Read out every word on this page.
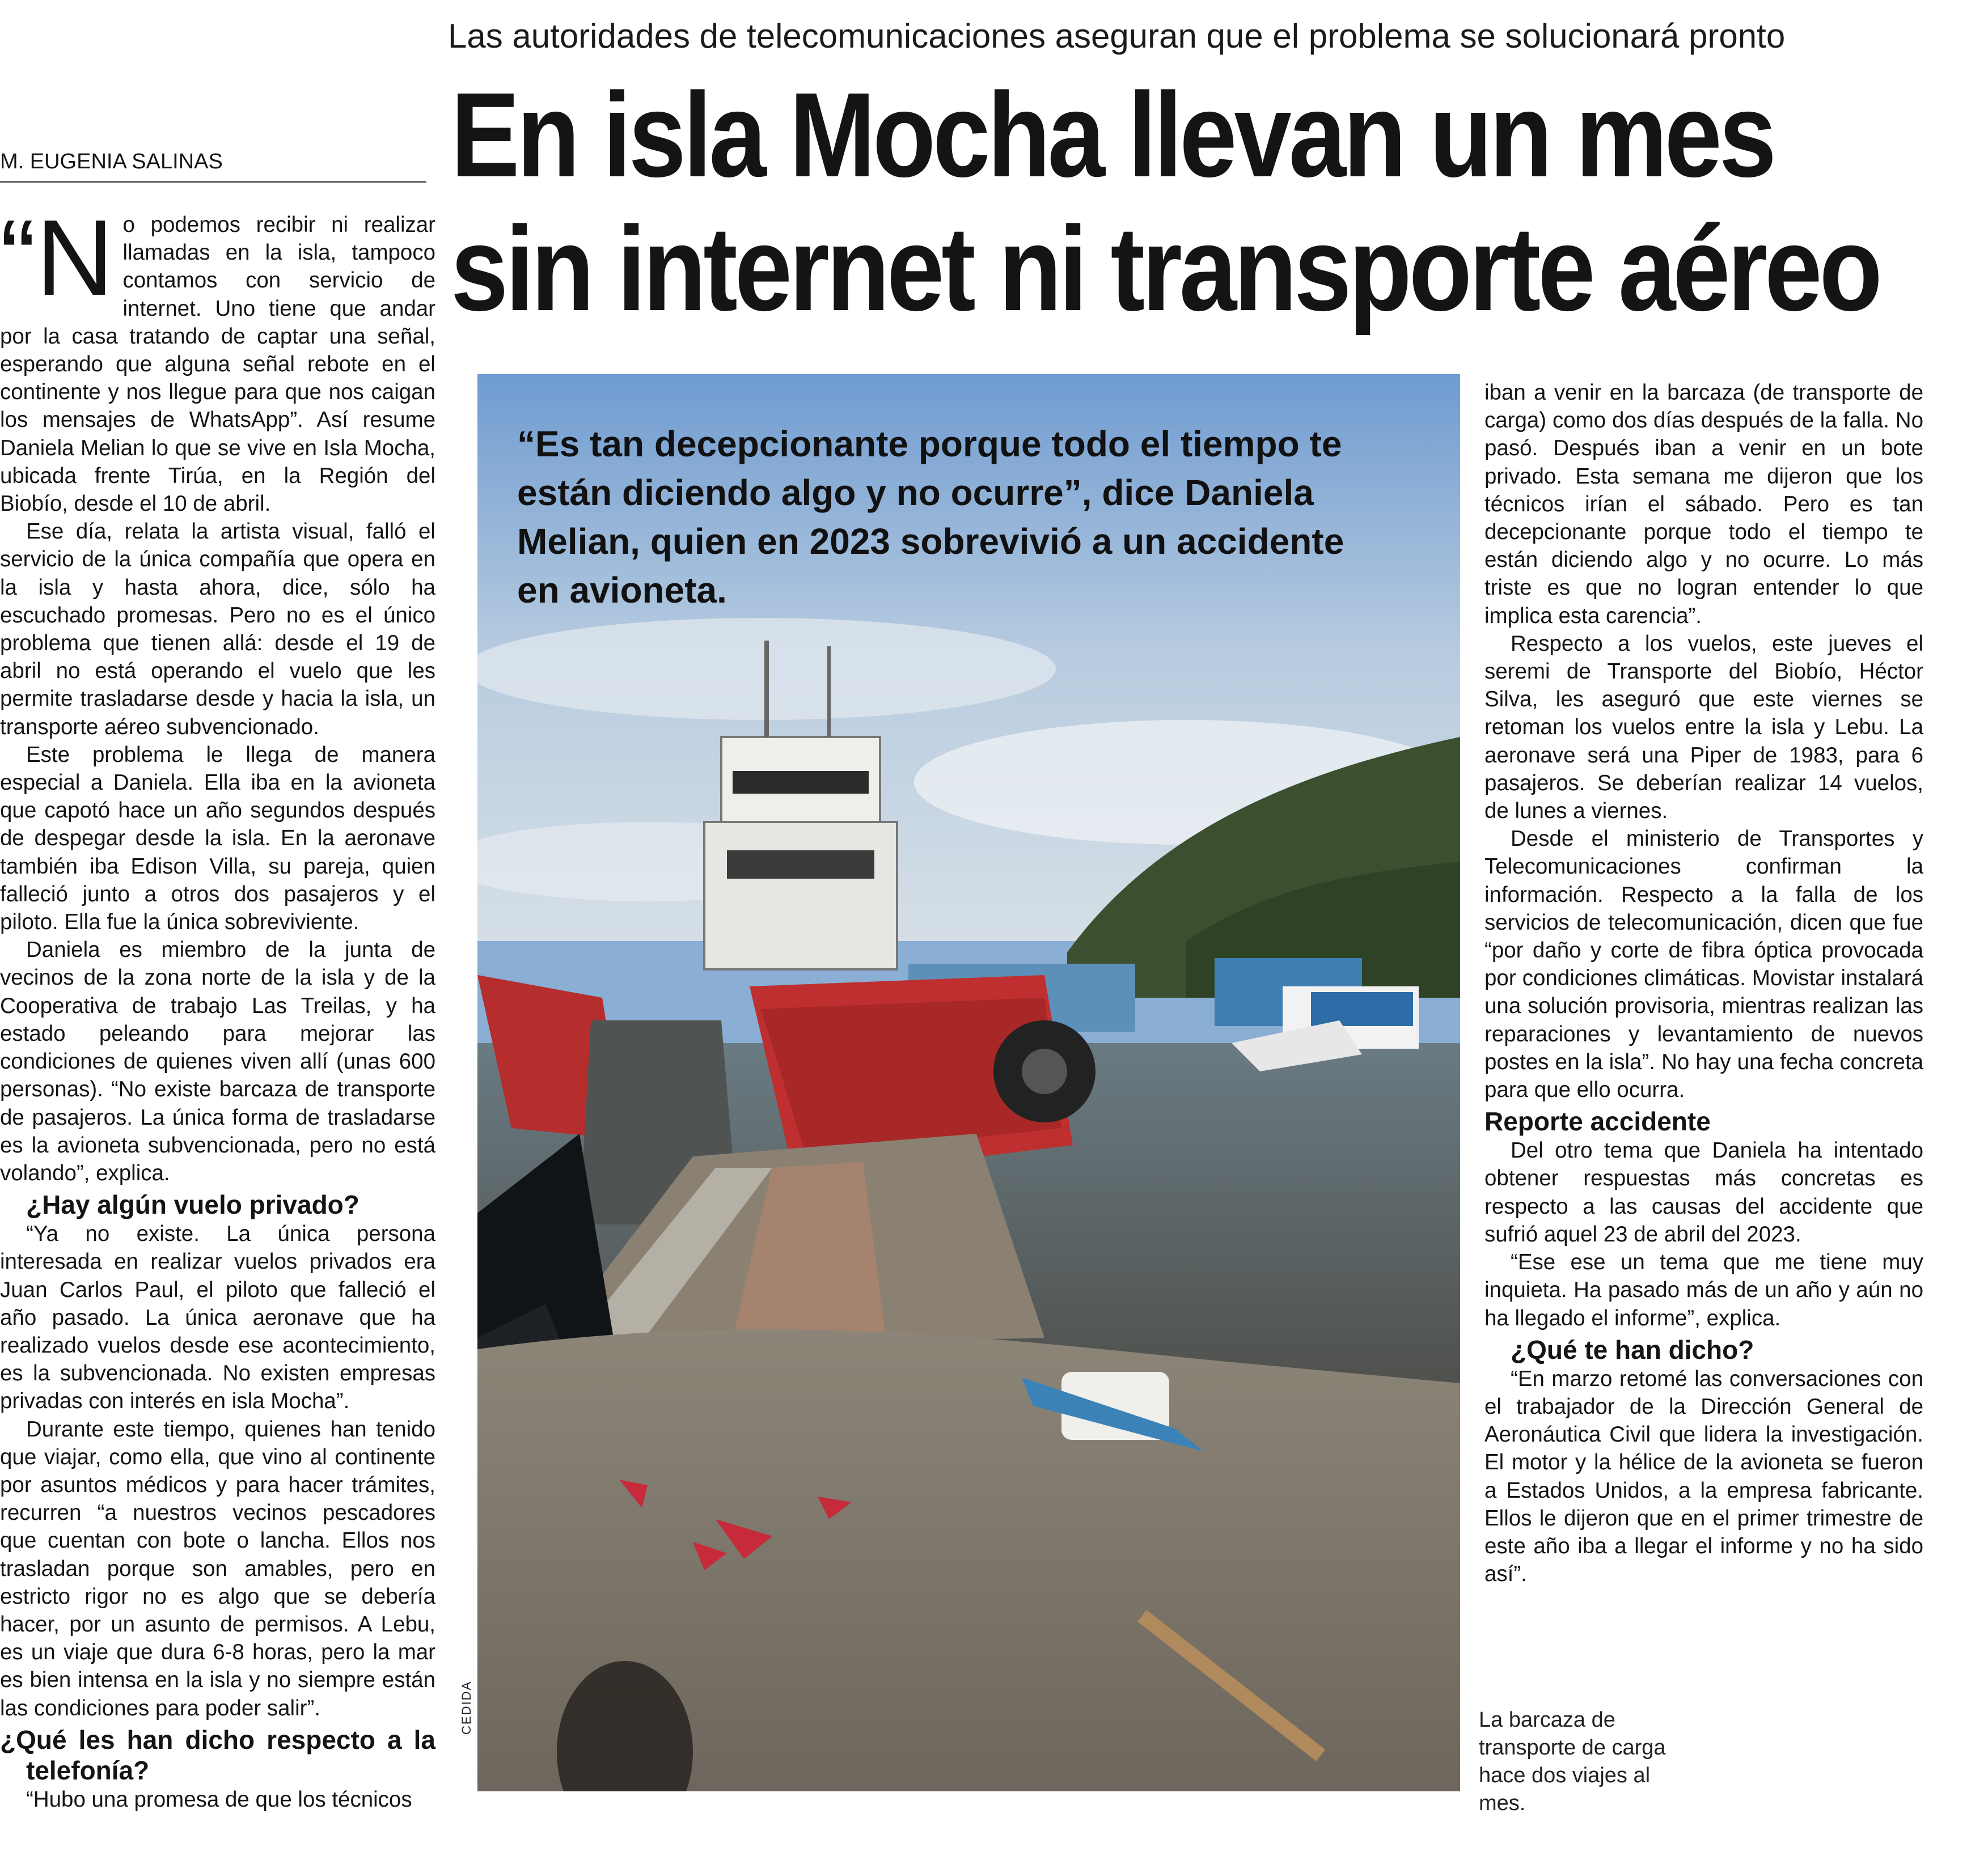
Las autoridades de telecomunicaciones aseguran que el problema se solucionará pronto
En isla Mocha llevan un mes
sin internet ni transporte aéreo
M. EUGENIA SALINAS

“No podemos recibir ni realizar llamadas en la isla, tampoco contamos con servicio de internet. Uno tiene que andar por la casa tratando de captar una señal, esperando que alguna señal rebote en el continente y nos llegue para que nos caigan los mensajes de WhatsApp”. Así resume Daniela Melian lo que se vive en Isla Mocha, ubicada frente Tirúa, en la Región del Biobío, desde el 10 de abril.

Ese día, relata la artista visual, falló el servicio de la única compañía que opera en la isla y hasta ahora, dice, sólo ha escuchado promesas. Pero no es el único problema que tienen allá: desde el 19 de abril no está operando el vuelo que les permite trasladarse desde y hacia la isla, un transporte aéreo subvencionado.

Este problema le llega de manera especial a Daniela. Ella iba en la avioneta que capotó hace un año segundos después de despegar desde la isla. En la aeronave también iba Edison Villa, su pareja, quien falleció junto a otros dos pasajeros y el piloto. Ella fue la única sobreviviente.

Daniela es miembro de la junta de vecinos de la zona norte de la isla y de la Cooperativa de trabajo Las Treilas, y ha estado peleando para mejorar las condiciones de quienes viven allí (unas 600 personas). “No existe barcaza de transporte de pasajeros. La única forma de trasladarse es la avioneta subvencionada, pero no está volando”, explica.

¿Hay algún vuelo privado?

“Ya no existe. La única persona interesada en realizar vuelos privados era Juan Carlos Paul, el piloto que falleció el año pasado. La única aeronave que ha realizado vuelos desde ese acontecimiento, es la subvencionada. No existen empresas privadas con interés en isla Mocha”.

Durante este tiempo, quienes han tenido que viajar, como ella, que vino al continente por asuntos médicos y para hacer trámites, recurren “a nuestros vecinos pescadores que cuentan con bote o lancha. Ellos nos trasladan porque son amables, pero en estricto rigor no es algo que se debería hacer, por un asunto de permisos. A Lebu, es un viaje que dura 6-8 horas, pero la mar es bien intensa en la isla y no siempre están las condiciones para poder salir”.

¿Qué les han dicho respecto a la telefonía?

“Hubo una promesa de que los técnicos

“Es tan decepcionante porque todo el tiempo te están diciendo algo y no ocurre”, dice Daniela Melian, quien en 2023 sobrevivió a un accidente en avioneta.
CEDIDA

iban a venir en la barcaza (de transporte de carga) como dos días después de la falla. No pasó. Después iban a venir en un bote privado. Esta semana me dijeron que los técnicos irían el sábado. Pero es tan decepcionante porque todo el tiempo te están diciendo algo y no ocurre. Lo más triste es que no logran entender lo que implica esta carencia”.

Respecto a los vuelos, este jueves el seremi de Transporte del Biobío, Héctor Silva, les aseguró que este viernes se retoman los vuelos entre la isla y Lebu. La aeronave será una Piper de 1983, para 6 pasajeros. Se deberían realizar 14 vuelos, de lunes a viernes.

Desde el ministerio de Transportes y Telecomunicaciones confirman la información. Respecto a la falla de los servicios de telecomunicación, dicen que fue “por daño y corte de fibra óptica provocada por condiciones climáticas. Movistar instalará una solución provisoria, mientras realizan las reparaciones y levantamiento de nuevos postes en la isla”. No hay una fecha concreta para que ello ocurra.

Reporte accidente

Del otro tema que Daniela ha intentado obtener respuestas más concretas es respecto a las causas del accidente que sufrió aquel 23 de abril del 2023.

“Ese ese un tema que me tiene muy inquieta. Ha pasado más de un año y aún no ha llegado el informe”, explica.

¿Qué te han dicho?

“En marzo retomé las conversaciones con el trabajador de la Dirección General de Aeronáutica Civil que lidera la investigación. El motor y la hélice de la avioneta se fueron a Estados Unidos, a la empresa fabricante. Ellos le dijeron que en el primer trimestre de este año iba a llegar el informe y no ha sido así”.

La barcaza de transporte de carga hace dos viajes al mes.
